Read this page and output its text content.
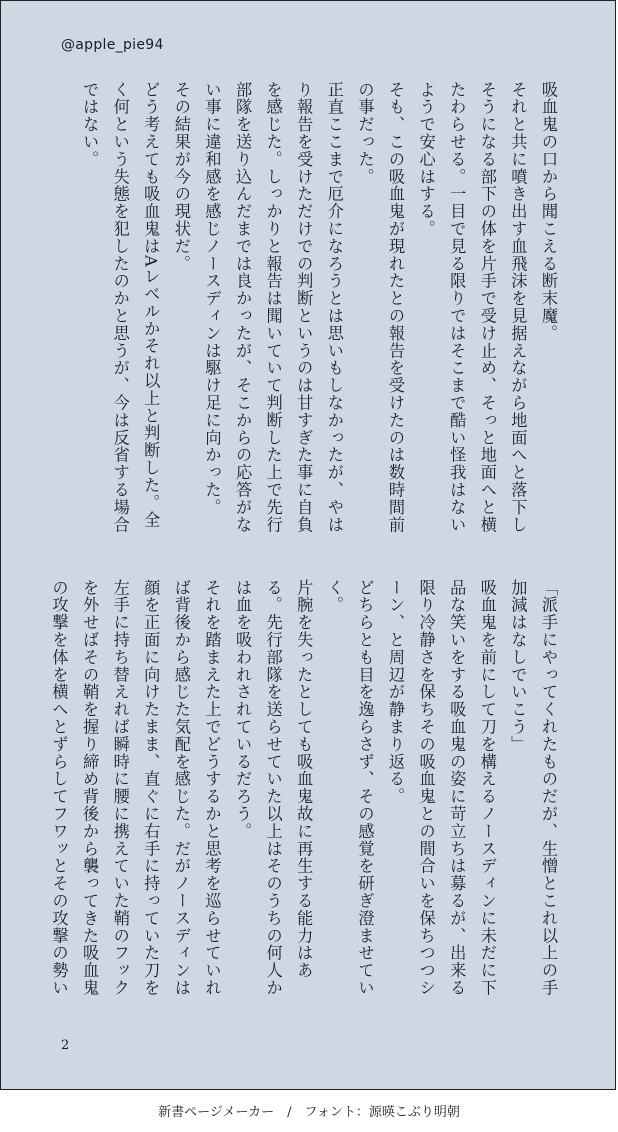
@apple_pie94

吸血鬼の口から聞こえる断末魔。

それと共に噴き出す血飛沫を見据えながら地面へと落下しそうになる部下の体を片手で受け止め、そっと地面へと横たわらせる。一目で見る限りではそこまで酷い怪我はないようで安心はする。

そも、この吸血鬼が現れたとの報告を受けたのは数時間前の事だった。

正直ここまで厄介になろうとは思いもしなかったが、やはり報告を受けただけでの判断というのは甘すぎた事に自負を感じた。しっかりと報告は聞いていて判断した上で先行部隊を送り込んだまでは良かったが、そこからの応答がない事に違和感を感じノースディンは駆け足に向かった。

その結果が今の現状だ。

どう考えても吸血鬼はAレベルかそれ以上と判断した。全く何という失態を犯したのかと思うが、今は反省する場合ではない。

「派手にやってくれたものだが、生憎とこれ以上の手加減はなしでいこう」

吸血鬼を前にして刀を構えるノースディンに未だに下品な笑いをする吸血鬼の姿に苛立ちは募るが、出来る限り冷静さを保ちその吸血鬼との間合いを保ちつつシーン、と周辺が静まり返る。

どちらとも目を逸らさず、その感覚を研ぎ澄ませていく。

片腕を失ったとしても吸血鬼故に再生する能力はある。先行部隊を送らせていた以上はそのうちの何人かは血を吸われされているだろう。

それを踏まえた上でどうするかと思考を巡らせていれば背後から感じた気配を感じた。だがノースディンは顔を正面に向けたまま、直ぐに右手に持っていた刀を左手に持ち替えれば瞬時に腰に携えていた鞘のフックを外せばその鞘を握り締め背後から襲ってきた吸血鬼の攻撃を体を横へとずらしてフワッとその攻撃の勢い

2
新書ページメーカー　/　フォント：源暎こぶり明朝
